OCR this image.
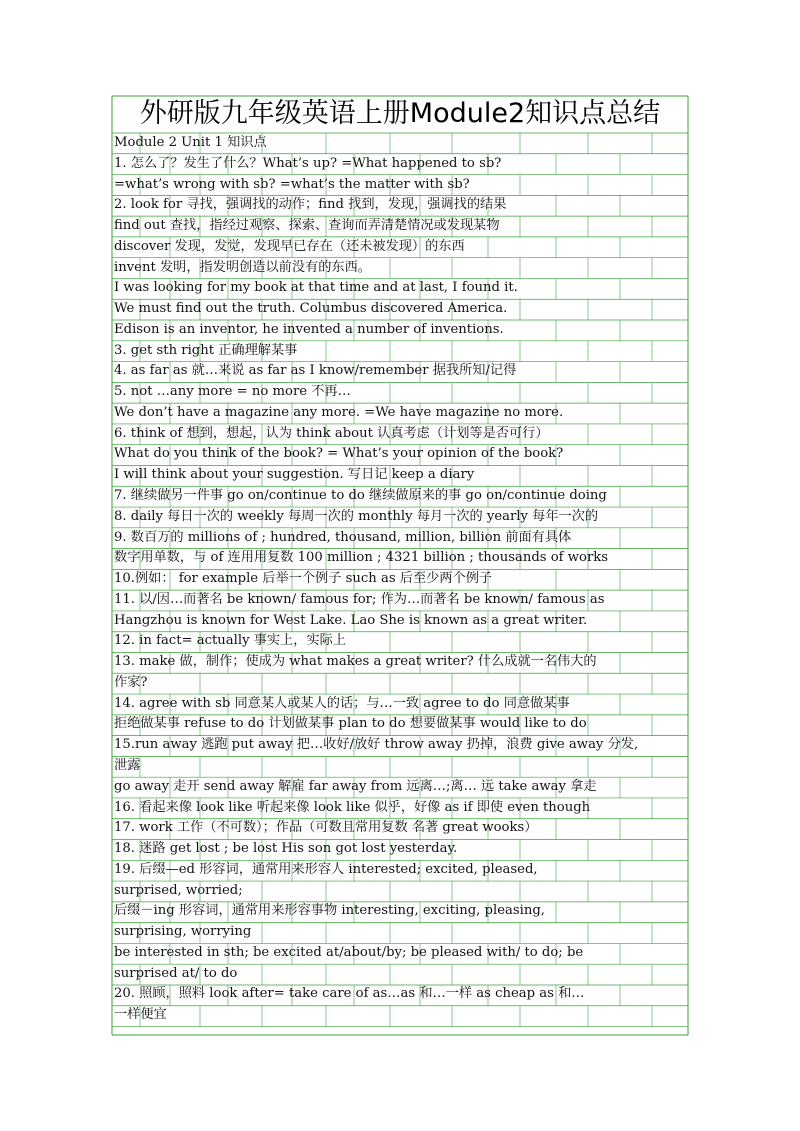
外研版九年级英语上册Module2知识点总结
Module 2 Unit 1 知识点
1. 怎么了？发生了什么？What’s up? =What happened to sb?
=what’s wrong with sb? =what’s the matter with sb?
2. look for 寻找，强调找的动作；find 找到，发现，强调找的结果
find out 查找，指经过观察、探索、查询而弄清楚情况或发现某物
discover 发现，发觉，发现早已存在（还未被发现）的东西
invent 发明，指发明创造以前没有的东西。
I was looking for my book at that time and at last, I found it.
We must find out the truth. Columbus discovered America.
Edison is an inventor, he invented a number of inventions.
3. get sth right 正确理解某事
4. as far as 就…来说 as far as I know/remember 据我所知/记得
5. not …any more = no more 不再…
We don’t have a magazine any more. =We have magazine no more.
6. think of 想到，想起，认为 think about 认真考虑（计划等是否可行）
What do you think of the book? = What’s your opinion of the book?
I will think about your suggestion. 写日记 keep a diary
7. 继续做另一件事 go on/continue to do 继续做原来的事 go on/continue doing
8. daily 每日一次的 weekly 每周一次的 monthly 每月一次的 yearly 每年一次的
9. 数百万的 millions of ; hundred, thousand, million, billion 前面有具体
数字用单数，与 of 连用用复数 100 million ; 4321 billion ; thousands of works
10.例如： for example 后举一个例子 such as 后至少两个例子
11. 以/因…而著名 be known/ famous for; 作为…而著名 be known/ famous as
Hangzhou is known for West Lake. Lao She is known as a great writer.
12. in fact= actually 事实上，实际上
13. make 做，制作；使成为 what makes a great writer? 什么成就一名伟大的
作家?
14. agree with sb 同意某人或某人的话；与…一致 agree to do 同意做某事
拒绝做某事 refuse to do 计划做某事 plan to do 想要做某事 would like to do
15.run away 逃跑 put away 把…收好/放好 throw away 扔掉，浪费 give away 分发,
泄露
go away 走开 send away 解雇 far away from 远离…;离… 远 take away 拿走
16. 看起来像 look like 听起来像 look like 似乎，好像 as if 即使 even though
17. work 工作（不可数）；作品（可数且常用复数 名著 great wooks）
18. 迷路 get lost ; be lost His son got lost yesterday.
19. 后缀—ed 形容词，通常用来形容人 interested; excited, pleased,
surprised, worried;
后缀－ing 形容词，通常用来形容事物 interesting, exciting, pleasing,
surprising, worrying
be interested in sth; be excited at/about/by; be pleased with/ to do; be
surprised at/ to do
20. 照顾，照料 look after= take care of as…as 和…一样 as cheap as 和…
一样便宜
